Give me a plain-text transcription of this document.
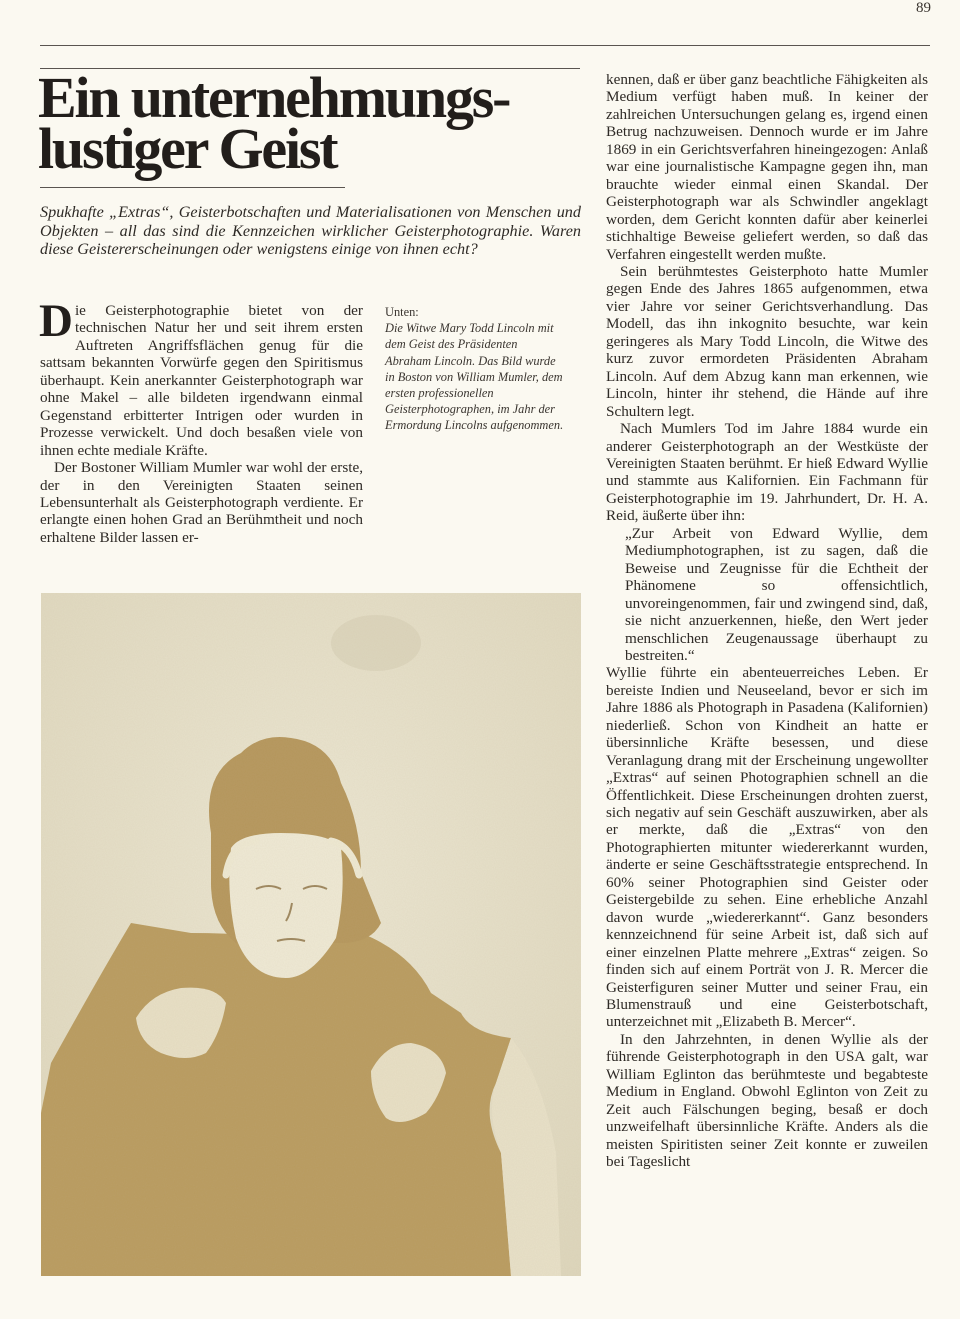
89
Ein unternehmungs-
lustiger Geist

Spukhafte „Extras“, Geisterbotschaften und Materialisationen von Menschen und Objekten – all das sind die Kennzeichen wirklicher Geisterphotographie. Waren diese Geistererscheinungen oder wenigstens einige von ihnen echt?

Die Geisterphotographie bietet von der technischen Natur her und seit ihrem ersten Auftreten Angriffsflächen genug für die sattsam bekannten Vorwürfe gegen den Spiritismus überhaupt. Kein anerkannter Geisterphotograph war ohne Makel – alle bildeten irgendwann einmal Gegenstand erbitterter Intrigen oder wurden in Prozesse verwickelt. Und doch besaßen viele von ihnen echte mediale Kräfte.

Der Bostoner William Mumler war wohl der erste, der in den Vereinigten Staaten seinen Lebensunterhalt als Geisterphotograph verdiente. Er erlangte einen hohen Grad an Berühmtheit und noch erhaltene Bilder lassen er-

Unten:
Die Witwe Mary Todd Lincoln mit dem Geist des Präsidenten Abraham Lincoln. Das Bild wurde in Boston von William Mumler, dem ersten professionellen Geisterphotographen, im Jahr der Ermordung Lincolns aufgenommen.

kennen, daß er über ganz beachtliche Fähigkeiten als Medium verfügt haben muß. In keiner der zahlreichen Untersuchungen gelang es, irgend einen Betrug nachzuweisen. Dennoch wurde er im Jahre 1869 in ein Gerichtsverfahren hineingezogen: Anlaß war eine journalistische Kampagne gegen ihn, man brauchte wieder einmal einen Skandal. Der Geisterphotograph war als Schwindler angeklagt worden, dem Gericht konnten dafür aber keinerlei stichhaltige Beweise geliefert werden, so daß das Verfahren eingestellt werden mußte.

Sein berühmtestes Geisterphoto hatte Mumler gegen Ende des Jahres 1865 aufgenommen, etwa vier Jahre vor seiner Gerichtsverhandlung. Das Modell, das ihn inkognito besuchte, war kein geringeres als Mary Todd Lincoln, die Witwe des kurz zuvor ermordeten Präsidenten Abraham Lincoln. Auf dem Abzug kann man erkennen, wie Lincoln, hinter ihr stehend, die Hände auf ihre Schultern legt.

Nach Mumlers Tod im Jahre 1884 wurde ein anderer Geisterphotograph an der Westküste der Vereinigten Staaten berühmt. Er hieß Edward Wyllie und stammte aus Kalifornien. Ein Fachmann für Geisterphotographie im 19. Jahrhundert, Dr. H. A. Reid, äußerte über ihn:

„Zur Arbeit von Edward Wyllie, dem Mediumphotographen, ist zu sagen, daß die Beweise und Zeugnisse für die Echtheit der Phänomene so offensichtlich, unvoreingenommen, fair und zwingend sind, daß, sie nicht anzuerkennen, hieße, den Wert jeder menschlichen Zeugenaussage überhaupt zu bestreiten.“

Wyllie führte ein abenteuerreiches Leben. Er bereiste Indien und Neuseeland, bevor er sich im Jahre 1886 als Photograph in Pasadena (Kalifornien) niederließ. Schon von Kindheit an hatte er übersinnliche Kräfte besessen, und diese Veranlagung drang mit der Erscheinung ungewollter „Extras“ auf seinen Photographien schnell an die Öffentlichkeit. Diese Erscheinungen drohten zuerst, sich negativ auf sein Geschäft auszuwirken, aber als er merkte, daß die „Extras“ von den Photographierten mitunter wiedererkannt wurden, änderte er seine Geschäftsstrategie entsprechend. In 60% seiner Photographien sind Geister oder Geistergebilde zu sehen. Eine erhebliche Anzahl davon wurde „wiedererkannt“. Ganz besonders kennzeichnend für seine Arbeit ist, daß sich auf einer einzelnen Platte mehrere „Extras“ zeigen. So finden sich auf einem Porträt von J. R. Mercer die Geisterfiguren seiner Mutter und seiner Frau, ein Blumenstrauß und eine Geisterbotschaft, unterzeichnet mit „Elizabeth B. Mercer“.

In den Jahrzehnten, in denen Wyllie als der führende Geisterphotograph in den USA galt, war William Eglinton das berühmteste und begabteste Medium in England. Obwohl Eglinton von Zeit zu Zeit auch Fälschungen beging, besaß er doch unzweifelhaft übersinnliche Kräfte. Anders als die meisten Spiritisten seiner Zeit konnte er zuweilen bei Tageslicht
